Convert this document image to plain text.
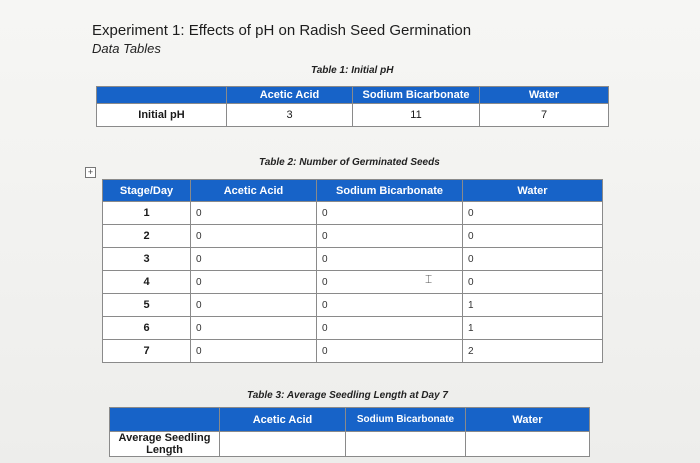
Experiment 1: Effects of pH on Radish Seed Germination
Data Tables
Table 1: Initial pH
	Acetic Acid	Sodium Bicarbonate	Water
Initial pH	3	11	7
Table 2: Number of Germinated Seeds
+
Stage/Day	Acetic Acid	Sodium Bicarbonate	Water
1	0	0	0
2	0	0	0
3	0	0	0
4	0	0	0
5	0	0	1
6	0	0	1
7	0	0	2
⌶
Table 3: Average Seedling Length at Day 7
	Acetic Acid	Sodium Bicarbonate	Water
Average Seedling Length			
